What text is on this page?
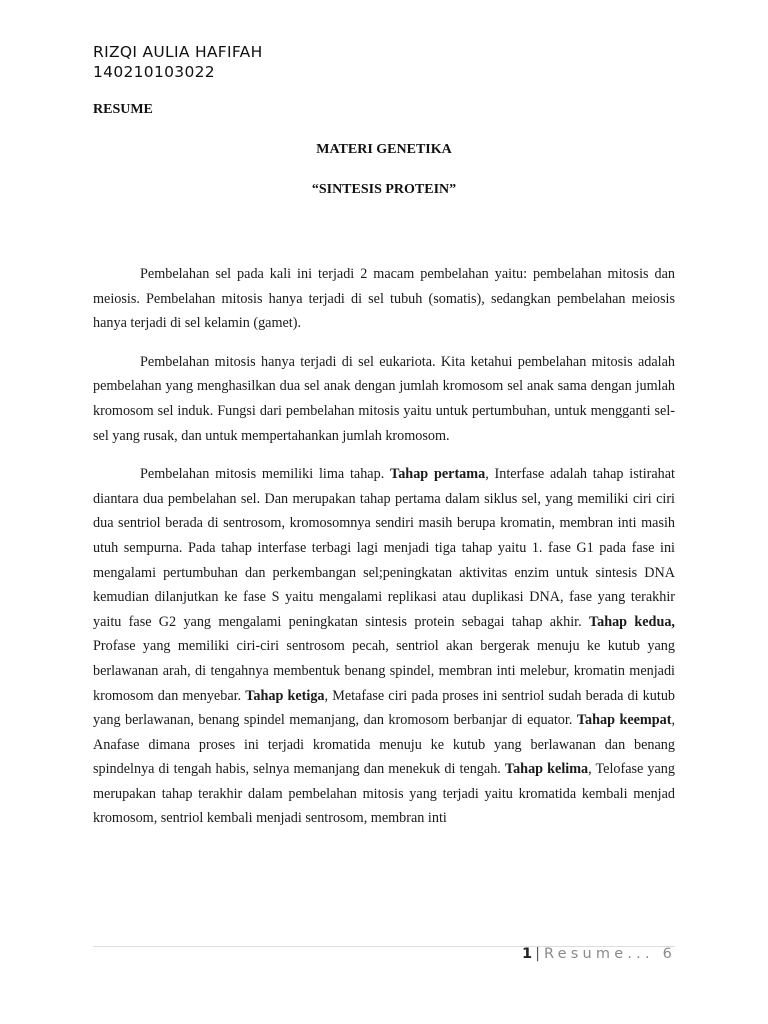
RIZQI AULIA HAFIFAH
140210103022
RESUME
MATERI GENETIKA
“SINTESIS PROTEIN”

Pembelahan sel pada kali ini terjadi 2 macam pembelahan yaitu: pembelahan mitosis dan meiosis. Pembelahan mitosis hanya terjadi di sel tubuh (somatis), sedangkan pembelahan meiosis hanya terjadi di sel kelamin (gamet).

Pembelahan mitosis hanya terjadi di sel eukariota. Kita ketahui pembelahan mitosis adalah pembelahan yang menghasilkan dua sel anak dengan jumlah kromosom sel anak sama dengan jumlah kromosom sel induk. Fungsi dari pembelahan mitosis yaitu untuk pertumbuhan, untuk mengganti sel-sel yang rusak, dan untuk mempertahankan jumlah kromosom.

Pembelahan mitosis memiliki lima tahap. Tahap pertama, Interfase adalah tahap istirahat diantara dua pembelahan sel. Dan merupakan tahap pertama dalam siklus sel, yang memiliki ciri ciri dua sentriol berada di sentrosom, kromosomnya sendiri masih berupa kromatin, membran inti masih utuh sempurna. Pada tahap interfase terbagi lagi menjadi tiga tahap yaitu 1. fase G1 pada fase ini mengalami pertumbuhan dan perkembangan sel;peningkatan aktivitas enzim untuk sintesis DNA kemudian dilanjutkan ke fase S yaitu mengalami replikasi atau duplikasi DNA, fase yang terakhir yaitu fase G2 yang mengalami peningkatan sintesis protein sebagai tahap akhir. Tahap kedua, Profase yang memiliki ciri-ciri sentrosom pecah, sentriol akan bergerak menuju ke kutub yang berlawanan arah, di tengahnya membentuk benang spindel, membran inti melebur, kromatin menjadi kromosom dan menyebar. Tahap ketiga, Metafase ciri pada proses ini sentriol sudah berada di kutub yang berlawanan, benang spindel memanjang, dan kromosom berbanjar di equator. Tahap keempat, Anafase dimana proses ini terjadi kromatida menuju ke kutub yang berlawanan dan benang spindelnya di tengah habis, selnya memanjang dan menekuk di tengah. Tahap kelima, Telofase yang merupakan tahap terakhir dalam pembelahan mitosis yang terjadi yaitu kromatida kembali menjad kromosom, sentriol kembali menjadi sentrosom, membran inti

1 | Resume... 6
